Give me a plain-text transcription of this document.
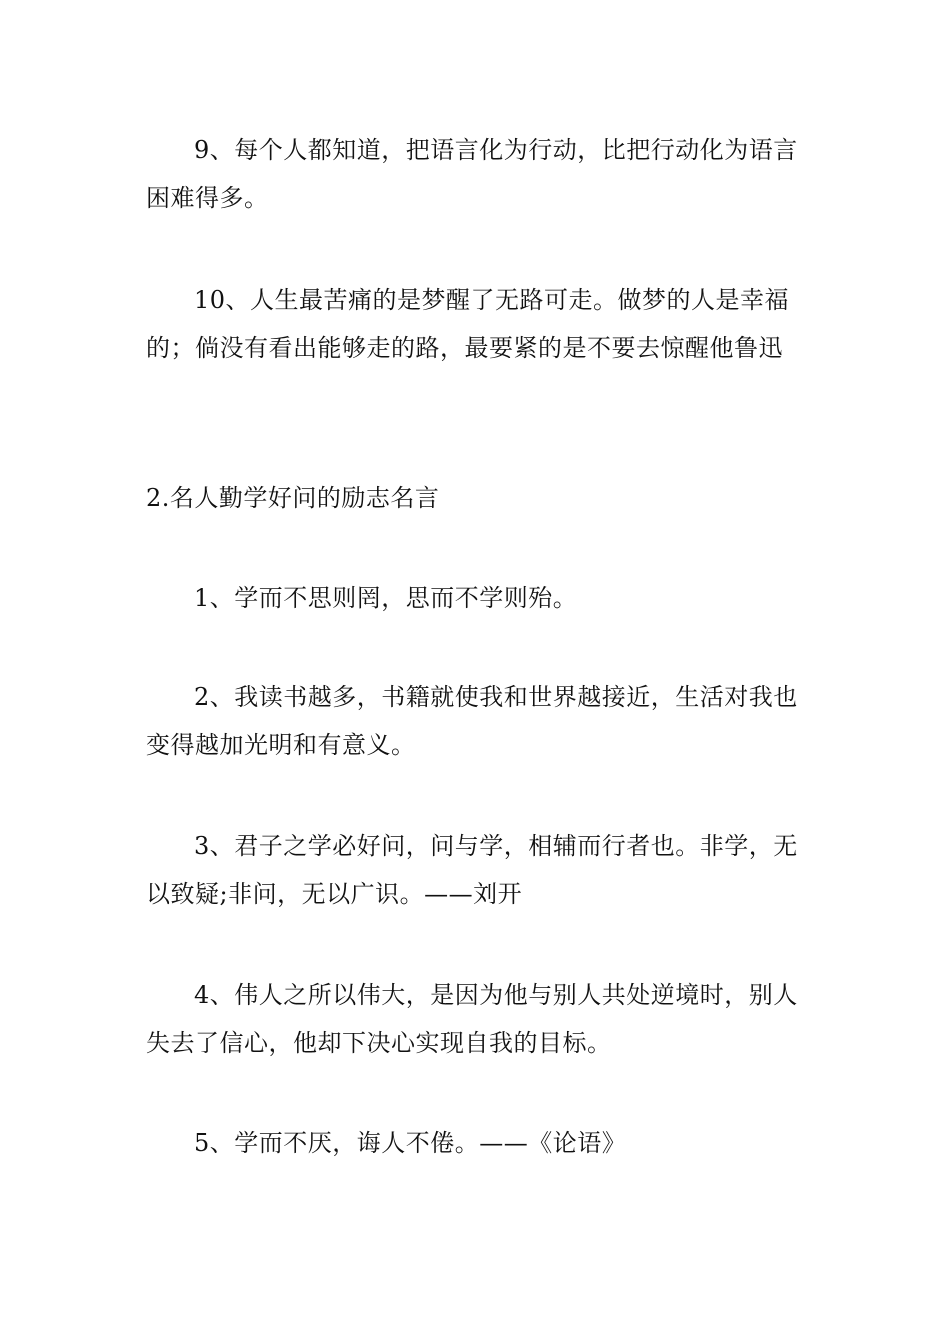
9、每个人都知道，把语言化为行动，比把行动化为语言困难得多。

10、人生最苦痛的是梦醒了无路可走。做梦的人是幸福的；倘没有看出能够走的路，最要紧的是不要去惊醒他鲁迅

2.名人勤学好问的励志名言

1、学而不思则罔，思而不学则殆。

2、我读书越多，书籍就使我和世界越接近，生活对我也变得越加光明和有意义。

3、君子之学必好问，问与学，相辅而行者也。非学，无以致疑;非问，无以广识。——刘开

4、伟人之所以伟大，是因为他与别人共处逆境时，别人失去了信心，他却下决心实现自我的目标。

5、学而不厌，诲人不倦。——《论语》
